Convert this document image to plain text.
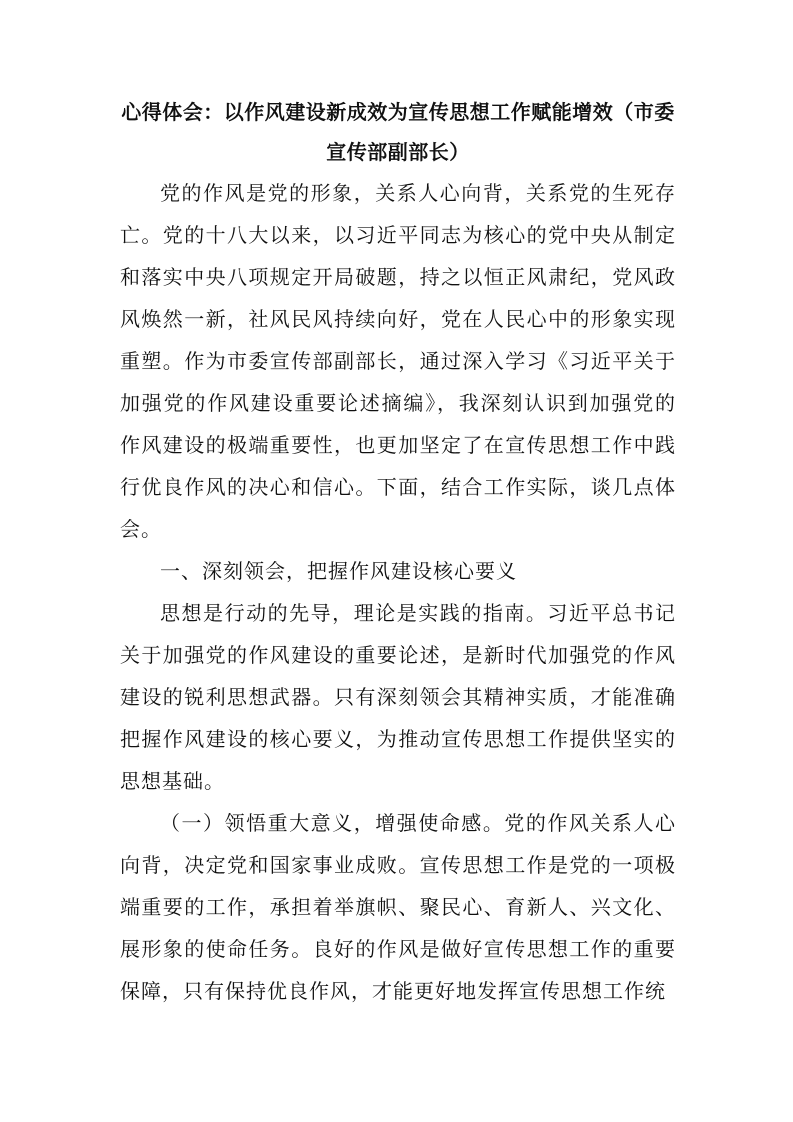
心得体会：以作风建设新成效为宣传思想工作赋能增效（市委宣传部副部长）

党的作风是党的形象，关系人心向背，关系党的生死存亡。党的十八大以来，以习近平同志为核心的党中央从制定和落实中央八项规定开局破题，持之以恒正风肃纪，党风政风焕然一新，社风民风持续向好，党在人民心中的形象实现重塑。作为市委宣传部副部长，通过深入学习《习近平关于加强党的作风建设重要论述摘编》，我深刻认识到加强党的作风建设的极端重要性，也更加坚定了在宣传思想工作中践行优良作风的决心和信心。下面，结合工作实际，谈几点体会。

一、深刻领会，把握作风建设核心要义

思想是行动的先导，理论是实践的指南。习近平总书记关于加强党的作风建设的重要论述，是新时代加强党的作风建设的锐利思想武器。只有深刻领会其精神实质，才能准确把握作风建设的核心要义，为推动宣传思想工作提供坚实的思想基础。

（一）领悟重大意义，增强使命感。党的作风关系人心向背，决定党和国家事业成败。宣传思想工作是党的一项极端重要的工作，承担着举旗帜、聚民心、育新人、兴文化、展形象的使命任务。良好的作风是做好宣传思想工作的重要保障，只有保持优良作风，才能更好地发挥宣传思想工作统
